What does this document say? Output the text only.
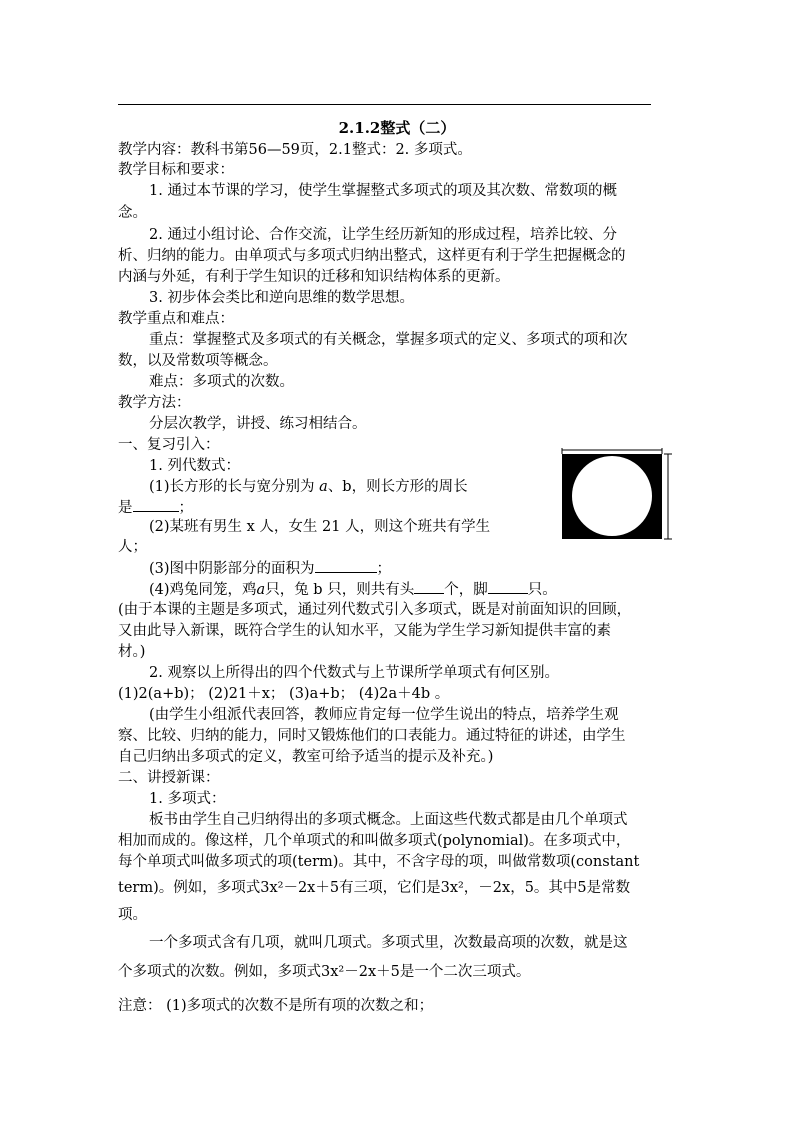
2.1.2整式（二）
教学内容：教科书第56—59页，2.1整式：2. 多项式。
教学目标和要求：
1. 通过本节课的学习，使学生掌握整式多项式的项及其次数、常数项的概
念。
2. 通过小组讨论、合作交流，让学生经历新知的形成过程，培养比较、分
析、归纳的能力。由单项式与多项式归纳出整式，这样更有利于学生把握概念的
内涵与外延，有利于学生知识的迁移和知识结构体系的更新。
3. 初步体会类比和逆向思维的数学思想。
教学重点和难点：
重点：掌握整式及多项式的有关概念，掌握多项式的定义、多项式的项和次
数，以及常数项等概念。
难点：多项式的次数。
教学方法：
分层次教学，讲授、练习相结合。
一、复习引入：
1. 列代数式：
(1)长方形的长与宽分别为 a、b，则长方形的周长
是	；
(2)某班有男生 x 人，女生 21 人，则这个班共有学生
人；
(3)图中阴影部分的面积为	；
(4)鸡兔同笼，鸡a只，兔 b 只，则共有头 个，脚	只。
(由于本课的主题是多项式，通过列代数式引入多项式，既是对前面知识的回顾，
又由此导入新课，既符合学生的认知水平，又能为学生学习新知提供丰富的素
材。)
2. 观察以上所得出的四个代数式与上节课所学单项式有何区别。
(1)2(a+b)； (2)21＋x； (3)a+b； (4)2a＋4b 。
(由学生小组派代表回答，教师应肯定每一位学生说出的特点，培养学生观
察、比较、归纳的能力，同时又锻炼他们的口表能力。通过特征的讲述，由学生
自己归纳出多项式的定义，教室可给予适当的提示及补充。)
二、讲授新课：
1. 多项式：
板书由学生自己归纳得出的多项式概念。上面这些代数式都是由几个单项式
相加而成的。像这样，几个单项式的和叫做多项式(polynomial)。在多项式中，
每个单项式叫做多项式的项(term)。其中，不含字母的项，叫做常数项(constant
term)。例如，多项式3x²－2x＋5有三项，它们是3x²，－2x，5。其中5是常数
项。
一个多项式含有几项，就叫几项式。多项式里，次数最高项的次数，就是这
个多项式的次数。例如，多项式3x²－2x＋5是一个二次三项式。
注意： (1)多项式的次数不是所有项的次数之和；
